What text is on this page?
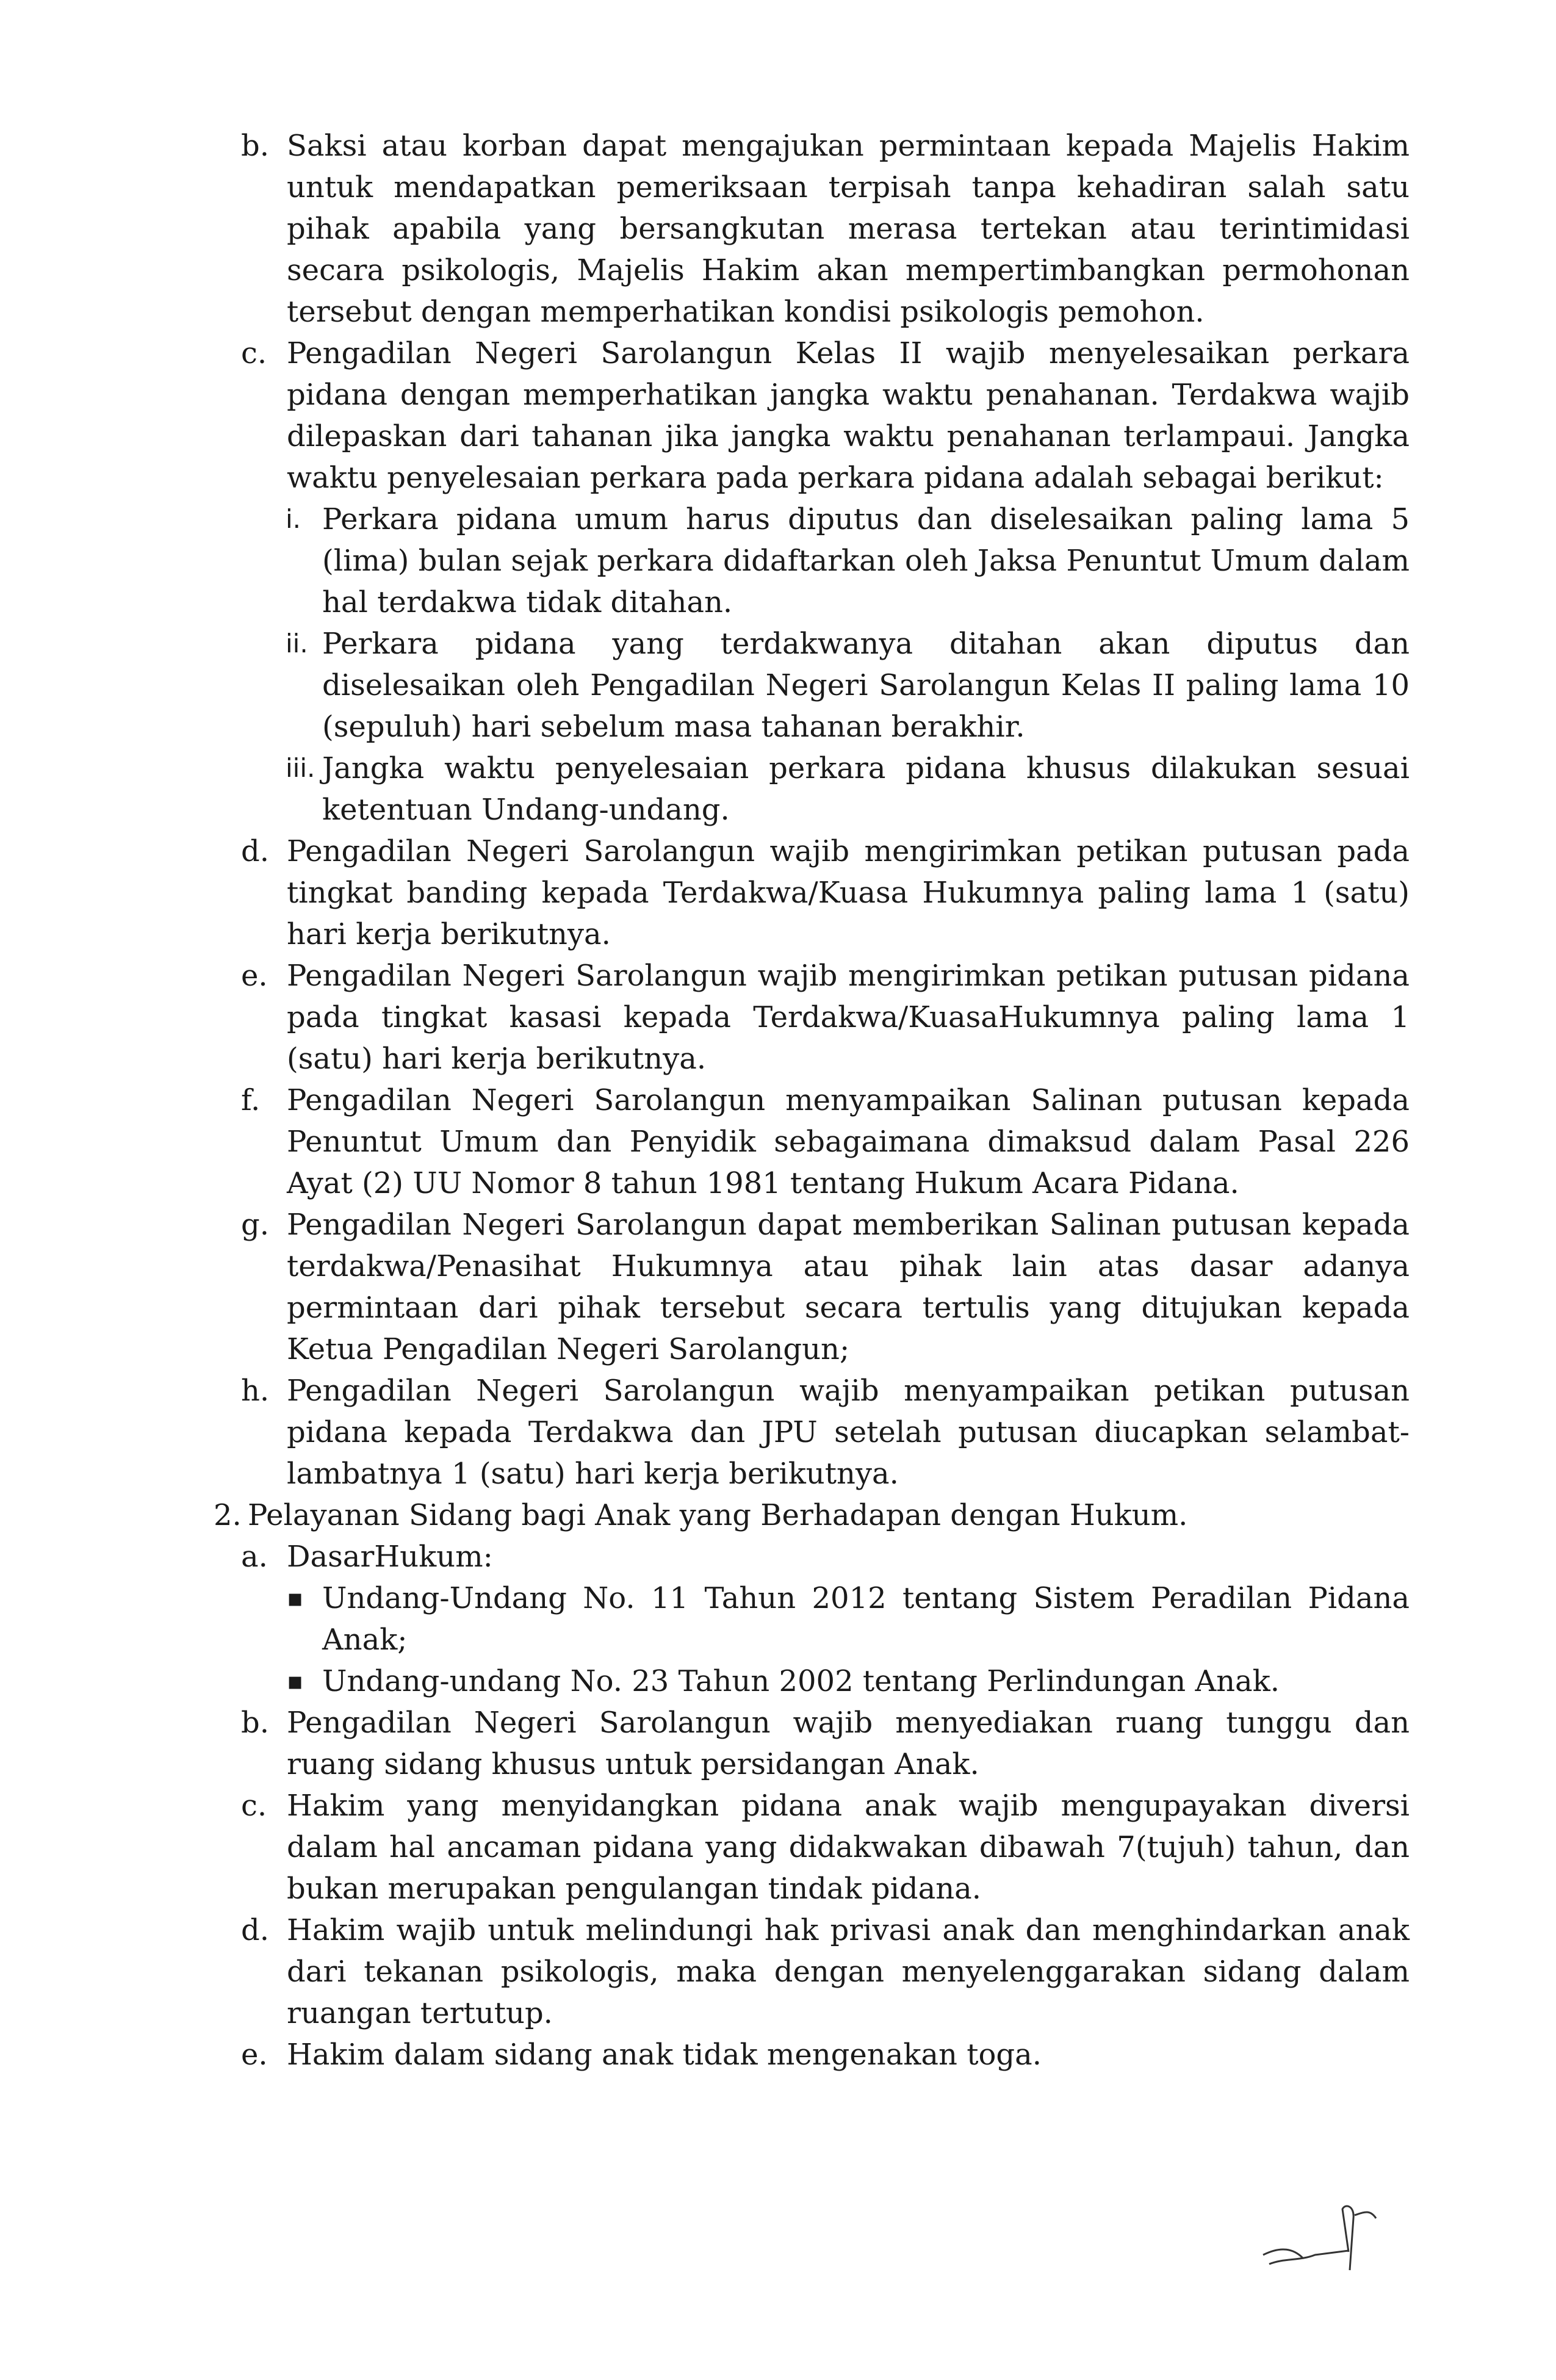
b. Saksi atau korban dapat mengajukan permintaan kepada Majelis Hakim untuk mendapatkan pemeriksaan terpisah tanpa kehadiran salah satu pihak apabila yang bersangkutan merasa tertekan atau terintimidasi secara psikologis, Majelis Hakim akan mempertimbangkan permohonan tersebut dengan memperhatikan kondisi psikologis pemohon.
c. Pengadilan Negeri Sarolangun Kelas II wajib menyelesaikan perkara pidana dengan memperhatikan jangka waktu penahanan. Terdakwa wajib dilepaskan dari tahanan jika jangka waktu penahanan terlampaui. Jangka waktu penyelesaian perkara pada perkara pidana adalah sebagai berikut:
i. Perkara pidana umum harus diputus dan diselesaikan paling lama 5 (lima) bulan sejak perkara didaftarkan oleh Jaksa Penuntut Umum dalam hal terdakwa tidak ditahan.
ii. Perkara pidana yang terdakwanya ditahan akan diputus dan diselesaikan oleh Pengadilan Negeri Sarolangun Kelas II paling lama 10 (sepuluh) hari sebelum masa tahanan berakhir.
iii. Jangka waktu penyelesaian perkara pidana khusus dilakukan sesuai ketentuan Undang-undang.
d. Pengadilan Negeri Sarolangun wajib mengirimkan petikan putusan pada tingkat banding kepada Terdakwa/Kuasa Hukumnya paling lama 1 (satu) hari kerja berikutnya.
e. Pengadilan Negeri Sarolangun wajib mengirimkan petikan putusan pidana pada tingkat kasasi kepada Terdakwa/KuasaHukumnya paling lama 1 (satu) hari kerja berikutnya.
f. Pengadilan Negeri Sarolangun menyampaikan Salinan putusan kepada Penuntut Umum dan Penyidik sebagaimana dimaksud dalam Pasal 226 Ayat (2) UU Nomor 8 tahun 1981 tentang Hukum Acara Pidana.
g. Pengadilan Negeri Sarolangun dapat memberikan Salinan putusan kepada terdakwa/Penasihat Hukumnya atau pihak lain atas dasar adanya permintaan dari pihak tersebut secara tertulis yang ditujukan kepada Ketua Pengadilan Negeri Sarolangun;
h. Pengadilan Negeri Sarolangun wajib menyampaikan petikan putusan pidana kepada Terdakwa dan JPU setelah putusan diucapkan selambat-lambatnya 1 (satu) hari kerja berikutnya.
2. Pelayanan Sidang bagi Anak yang Berhadapan dengan Hukum.
a. DasarHukum:
▪ Undang-Undang No. 11 Tahun 2012 tentang Sistem Peradilan Pidana Anak;
▪ Undang-undang No. 23 Tahun 2002 tentang Perlindungan Anak.
b. Pengadilan Negeri Sarolangun wajib menyediakan ruang tunggu dan ruang sidang khusus untuk persidangan Anak.
c. Hakim yang menyidangkan pidana anak wajib mengupayakan diversi dalam hal ancaman pidana yang didakwakan dibawah 7(tujuh) tahun, dan bukan merupakan pengulangan tindak pidana.
d. Hakim wajib untuk melindungi hak privasi anak dan menghindarkan anak dari tekanan psikologis, maka dengan menyelenggarakan sidang dalam ruangan tertutup.
e. Hakim dalam sidang anak tidak mengenakan toga.
